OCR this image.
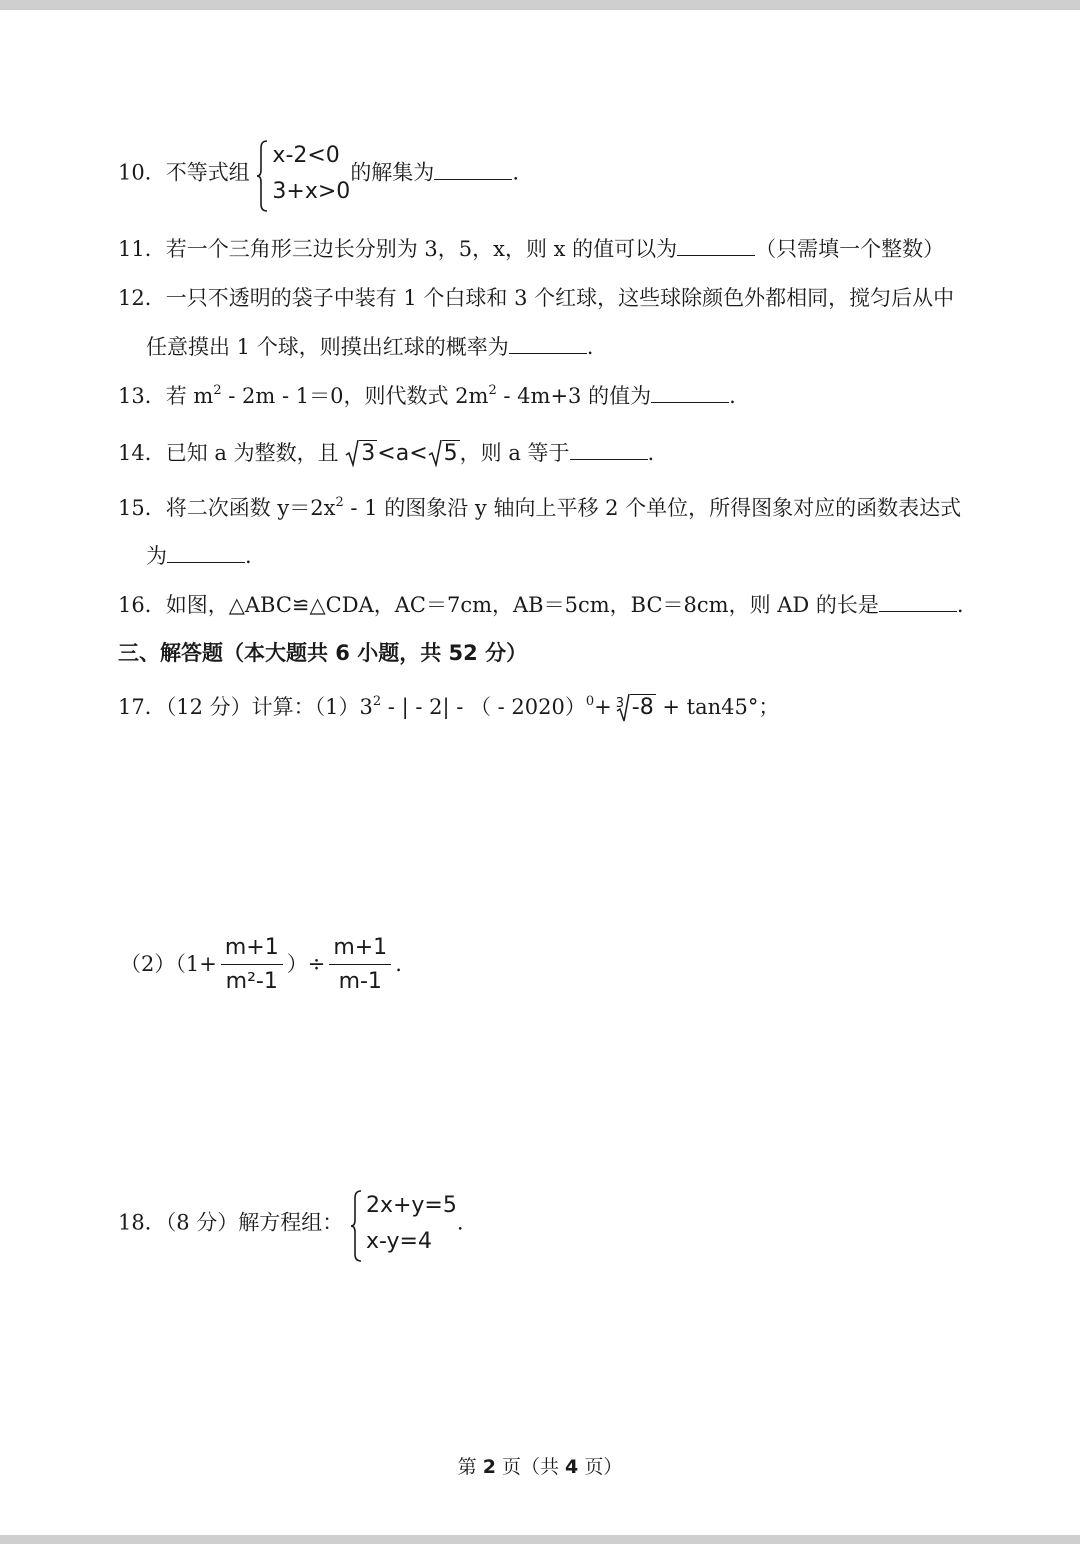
10．不等式组
x-2<0
3+x>0
的解集为	.
11．若一个三角形三边长分别为 3，5，x，则 x 的值可以为	（只需填一个整数）
12．一只不透明的袋子中装有 1 个白球和 3 个红球，这些球除颜色外都相同，搅匀后从中
任意摸出 1 个球，则摸出红球的概率为	.
13．若 $m^2 - 2m - 1=0$，则代数式 $2m^2 - 4m+3$ 的值为	.
14．已知 a 为整数，且 3<a< 5，则 a 等于	.
15．将二次函数 $y=2x^2 - 1$ 的图象沿 y 轴向上平移 2 个单位，所得图象对应的函数表达式
为	.
16．如图，△ABC≌△CDA，AC＝7cm，AB＝5cm，BC＝8cm，则 AD 的长是	.
三、解答题（本大题共 6 小题，共 52 分）
17．（12 分）计算：$(1)3^2$ - | - 2| - （ - 2020）$^0$+ 3 -8 + tan45°；
$(2)(1+ \frac{m+1}{\text{m²-1}}$ ）÷ $\frac{m+1}{m-1}$ .
18．（8 分）解方程组：
2x+y=5
x-y=4
.
第 2 页（共 4 页）
